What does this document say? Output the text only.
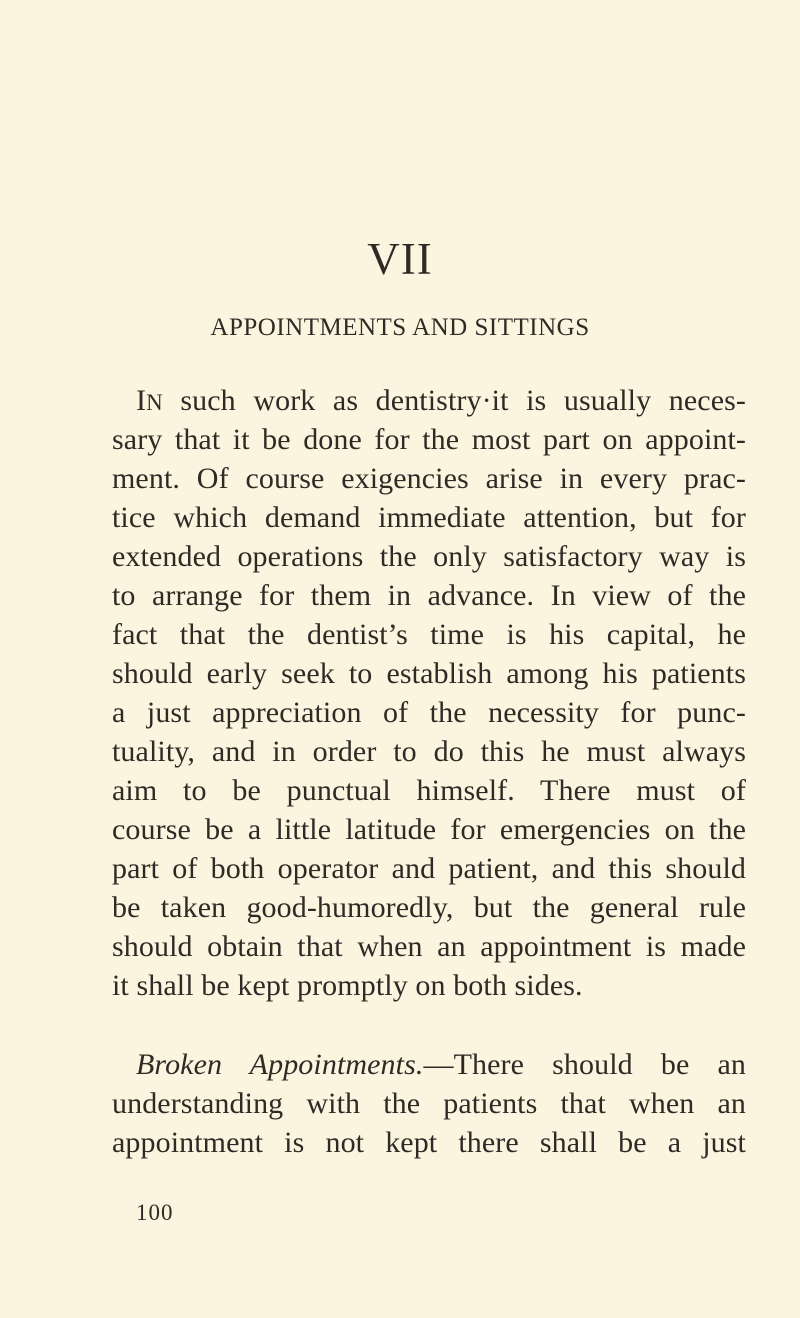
VII
APPOINTMENTS AND SITTINGS
IN such work as dentistry·it is usually neces-
sary that it be done for the most part on appoint-
ment. Of course exigencies arise in every prac-
tice which demand immediate attention, but for
extended operations the only satisfactory way is
to arrange for them in advance. In view of the
fact that the dentist’s time is his capital, he
should early seek to establish among his patients
a just appreciation of the necessity for punc-
tuality, and in order to do this he must always
aim to be punctual himself. There must of
course be a little latitude for emergencies on the
part of both operator and patient, and this should
be taken good-humoredly, but the general rule
should obtain that when an appointment is made
it shall be kept promptly on both sides.
Broken Appointments.—There should be an
understanding with the patients that when an
appointment is not kept there shall be a just
100
